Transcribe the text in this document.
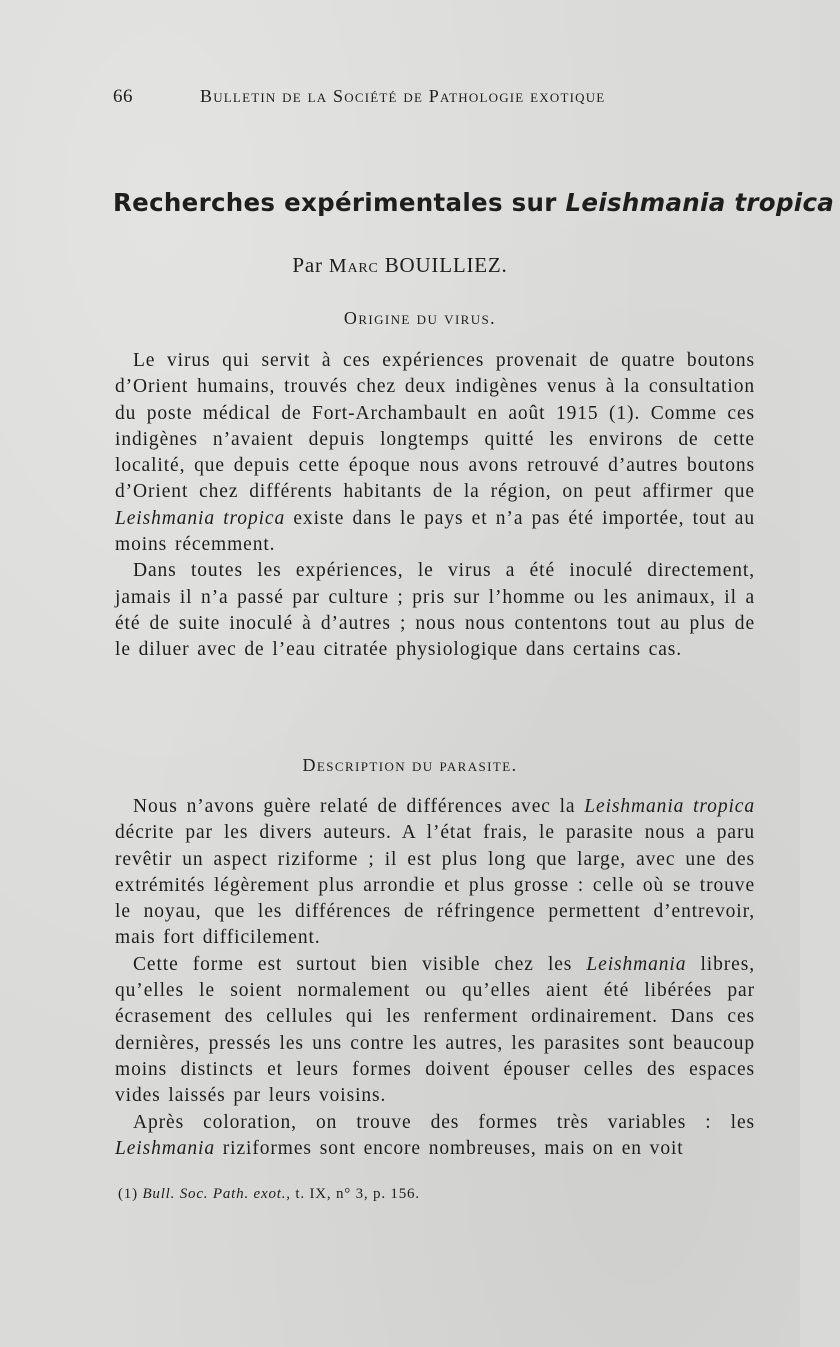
66	Bulletin de la Société de Pathologie exotique
Recherches expérimentales sur Leishmania tropica
Par Marc BOUILLIEZ.
Origine du virus.

Le virus qui servit à ces expériences provenait de quatre boutons d’Orient humains, trouvés chez deux indigènes venus à la consultation du poste médical de Fort-Archambault en août 1915 (1). Comme ces indigènes n’avaient depuis longtemps quitté les environs de cette localité, que depuis cette époque nous avons retrouvé d’autres boutons d’Orient chez différents habitants de la région, on peut affirmer que Leishmania tropica existe dans le pays et n’a pas été importée, tout au moins récemment.

Dans toutes les expériences, le virus a été inoculé directement, jamais il n’a passé par culture ; pris sur l’homme ou les animaux, il a été de suite inoculé à d’autres ; nous nous contentons tout au plus de le diluer avec de l’eau citratée physiologique dans certains cas.

Description du parasite.

Nous n’avons guère relaté de différences avec la Leishmania tropica décrite par les divers auteurs. A l’état frais, le parasite nous a paru revêtir un aspect riziforme ; il est plus long que large, avec une des extrémités légèrement plus arrondie et plus grosse : celle où se trouve le noyau, que les différences de réfringence permettent d’entrevoir, mais fort difficilement.

Cette forme est surtout bien visible chez les Leishmania libres, qu’elles le soient normalement ou qu’elles aient été libérées par écrasement des cellules qui les renferment ordinairement. Dans ces dernières, pressés les uns contre les autres, les parasites sont beaucoup moins distincts et leurs formes doivent épouser celles des espaces vides laissés par leurs voisins.

Après coloration, on trouve des formes très variables : les Leishmania riziformes sont encore nombreuses, mais on en voit

(1) Bull. Soc. Path. exot., t. IX, n° 3, p. 156.
